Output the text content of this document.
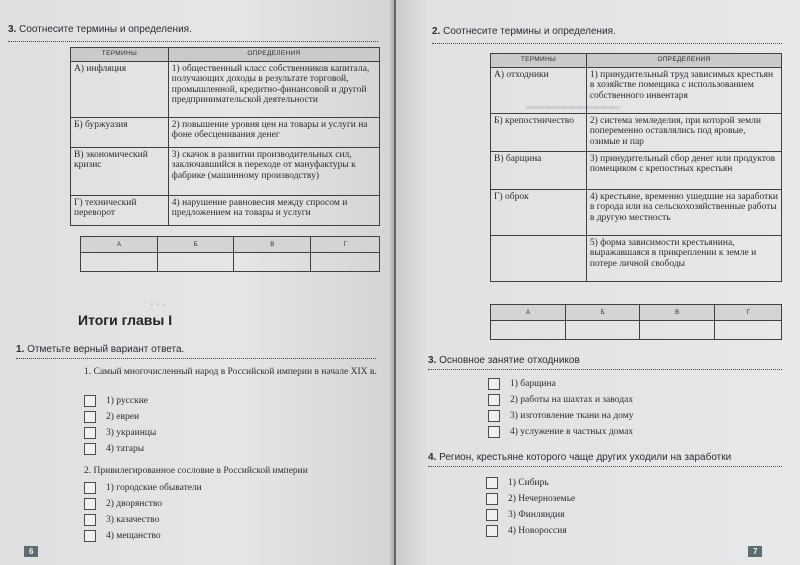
• • •
3. Соотнесите термины и определения.
ТЕРМИНЫ	ОПРЕДЕЛЕНИЯ
А) инфляция	1) общественный класс собственников капитала, получающих доходы в результате торговой, промышленной, кредитно-финансовой и другой предпринимательской деятельности
Б) буржуазия	2) повышение уровня цен на товары и услуги на фоне обесценивания денег
В) экономический кризис	3) скачок в развитии производительных сил, заключавшийся в переходе от мануфактуры к фабрике (машинному производству)
Г) технический переворот	4) нарушение равновесия между спросом и предложением на товары и услуги
А	Б	В	Г

Итоги главы I
1. Отметьте верный вариант ответа.
1. Самый многочисленный народ в Российской империи в начале XIX в.
1) русские
2) евреи
3) украинцы
4) татары
2. Привилегированное сословие в Российской империи
1) городские обыватели
2) дворянство
3) казачество
4) мещанство
6
━━━━━━━━━━━━
2. Соотнесите термины и определения.
ТЕРМИНЫ	ОПРЕДЕЛЕНИЯ
А) отходники	1) принудительный труд зависимых крестьян в хозяйстве помещика с использованием собственного инвентаря
Б) крепостничество	2) система земледелия, при которой земли попеременно оставлялись под яровые, озимые и пар
В) барщина	3) принудительный сбор денег или продуктов помещиком с крепостных крестьян
Г) оброк	4) крестьяне, временно ушедшие на заработки в города или на сельскохозяйственные работы в другую местность
	5) форма зависимости крестьянина, выражавшаяся в прикреплении к земле и потере личной свободы
А	Б	В	Г

3. Основное занятие отходников
1) барщина
2) работы на шахтах и заводах
3) изготовление ткани на дому
4) услужение в частных домах
4. Регион, крестьяне которого чаще других уходили на заработки
1) Сибирь
2) Нечерноземье
3) Финляндия
4) Новороссия
7
